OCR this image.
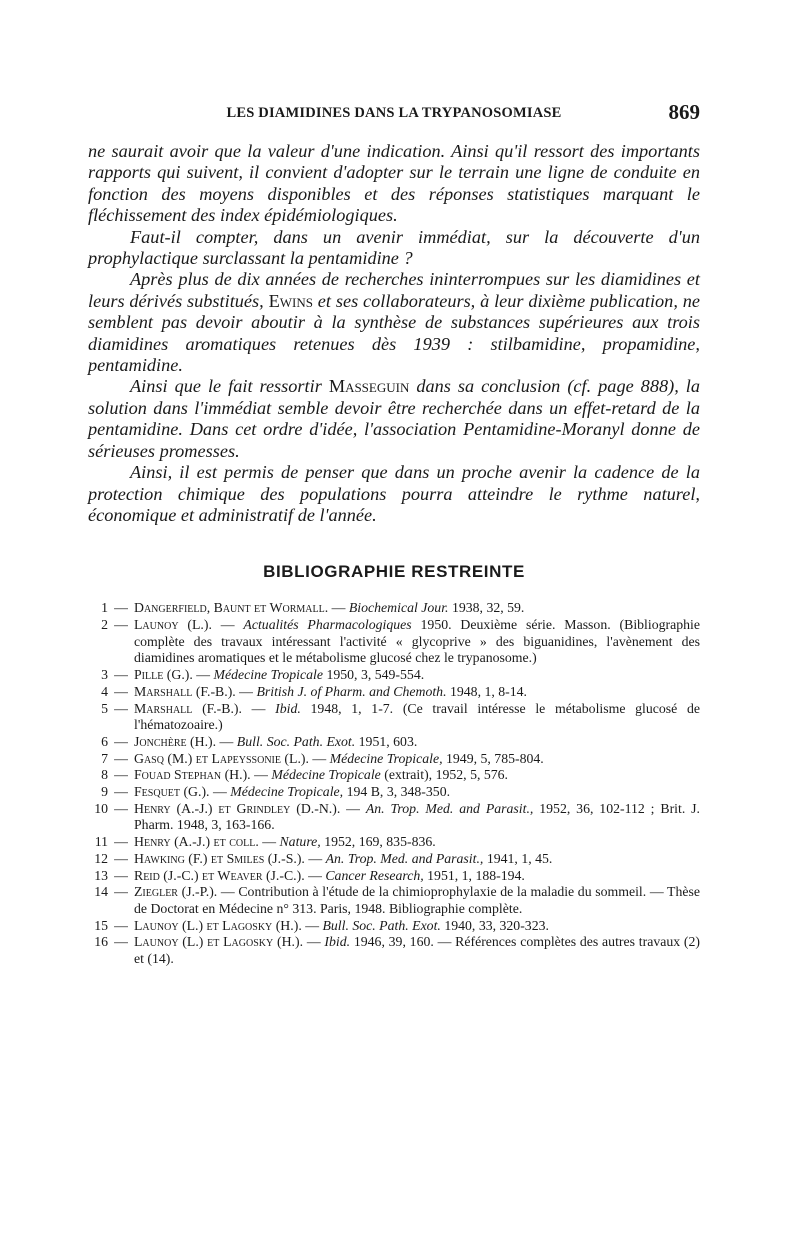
LES DIAMIDINES DANS LA TRYPANOSOMIASE	869

ne saurait avoir que la valeur d'une indication. Ainsi qu'il ressort des importants rapports qui suivent, il convient d'adopter sur le terrain une ligne de conduite en fonction des moyens disponibles et des réponses statistiques marquant le fléchissement des index épidémiologiques.

Faut-il compter, dans un avenir immédiat, sur la découverte d'un prophylactique surclassant la pentamidine ?

Après plus de dix années de recherches ininterrompues sur les diamidines et leurs dérivés substitués, Ewins et ses collaborateurs, à leur dixième publication, ne semblent pas devoir aboutir à la synthèse de substances supérieures aux trois diamidines aromatiques retenues dès 1939 : stilbamidine, propamidine, pentamidine.

Ainsi que le fait ressortir Masseguin dans sa conclusion (cf. page 888), la solution dans l'immédiat semble devoir être recherchée dans un effet-retard de la pentamidine. Dans cet ordre d'idée, l'association Pentamidine-Moranyl donne de sérieuses promesses.

Ainsi, il est permis de penser que dans un proche avenir la cadence de la protection chimique des populations pourra atteindre le rythme naturel, économique et administratif de l'année.

BIBLIOGRAPHIE RESTREINTE
1 — Dangerfield, Baunt et Wormall. — Biochemical Jour. 1938, 32, 59.
2 — Launoy (L.). — Actualités Pharmacologiques 1950. Deuxième série. Masson. (Bibliographie complète des travaux intéressant l'activité « glycoprive » des biguanidines, l'avènement des diamidines aromatiques et le métabolisme glucosé chez le trypanosome.)
3 — Pille (G.). — Médecine Tropicale 1950, 3, 549-554.
4 — Marshall (F.-B.). — British J. of Pharm. and Chemoth. 1948, 1, 8-14.
5 — Marshall (F.-B.). — Ibid. 1948, 1, 1-7. (Ce travail intéresse le métabolisme glucosé de l'hématozoaire.)
6 — Jonchère (H.). — Bull. Soc. Path. Exot. 1951, 603.
7 — Gasq (M.) et Lapeyssonie (L.). — Médecine Tropicale, 1949, 5, 785-804.
8 — Fouad Stephan (H.). — Médecine Tropicale (extrait), 1952, 5, 576.
9 — Fesquet (G.). — Médecine Tropicale, 194 B, 3, 348-350.
10 — Henry (A.-J.) et Grindley (D.-N.). — An. Trop. Med. and Parasit., 1952, 36, 102-112 ; Brit. J. Pharm. 1948, 3, 163-166.
11 — Henry (A.-J.) et coll. — Nature, 1952, 169, 835-836.
12 — Hawking (F.) et Smiles (J.-S.). — An. Trop. Med. and Parasit., 1941, 1, 45.
13 — Reid (J.-C.) et Weaver (J.-C.). — Cancer Research, 1951, 1, 188-194.
14 — Ziegler (J.-P.). — Contribution à l'étude de la chimioprophylaxie de la maladie du sommeil. — Thèse de Doctorat en Médecine n° 313. Paris, 1948. Bibliographie complète.
15 — Launoy (L.) et Lagosky (H.). — Bull. Soc. Path. Exot. 1940, 33, 320-323.
16 — Launoy (L.) et Lagosky (H.). — Ibid. 1946, 39, 160. — Références complètes des autres travaux (2) et (14).
